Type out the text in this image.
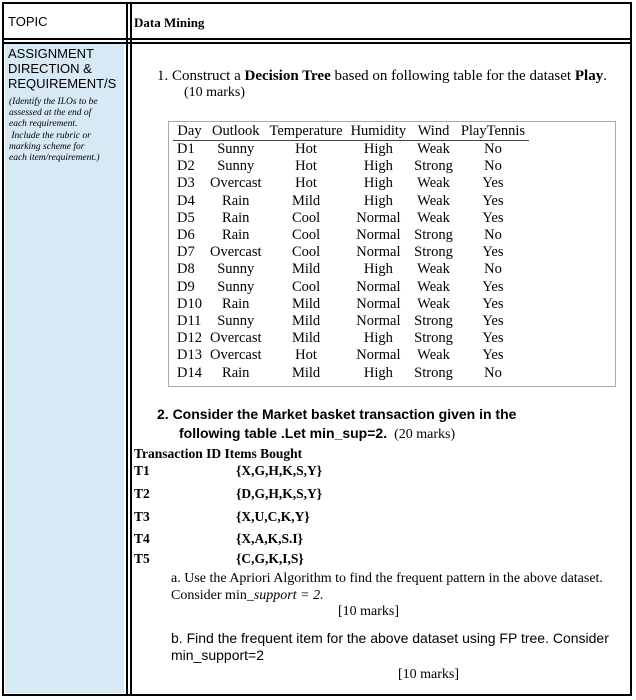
TOPIC	Data Mining
ASSIGNMENT
DIRECTION &
REQUIREMENT/S
(Identify the ILOs to be
assessed at the end of
each requirement.
Include the rubric or
marking scheme for
each item/requirement.)
1. Construct a Decision Tree based on following table for the dataset Play.
(10 marks)
Day	Outlook	Temperature	Humidity	Wind	PlayTennis
D1	Sunny	Hot	High	Weak	No
D2	Sunny	Hot	High	Strong	No
D3	Overcast	Hot	High	Weak	Yes
D4	Rain	Mild	High	Weak	Yes
D5	Rain	Cool	Normal	Weak	Yes
D6	Rain	Cool	Normal	Strong	No
D7	Overcast	Cool	Normal	Strong	Yes
D8	Sunny	Mild	High	Weak	No
D9	Sunny	Cool	Normal	Weak	Yes
D10	Rain	Mild	Normal	Weak	Yes
D11	Sunny	Mild	Normal	Strong	Yes
D12	Overcast	Mild	High	Strong	Yes
D13	Overcast	Hot	Normal	Weak	Yes
D14	Rain	Mild	High	Strong	No
2. Consider the Market basket transaction given in the
following table .Let min_sup=2.  (20 marks)
Transaction ID Items Bought
T1	{X,G,H,K,S,Y}
T2	{D,G,H,K,S,Y}
T3	{X,U,C,K,Y}
T4	{X,A,K,S.I}
T5	{C,G,K,I,S}
a. Use the Apriori Algorithm to find the frequent pattern in the above dataset. Consider min_support = 2.
[10 marks]
b. Find the frequent item for the above dataset using FP tree. Consider min_support=2
[10 marks]
